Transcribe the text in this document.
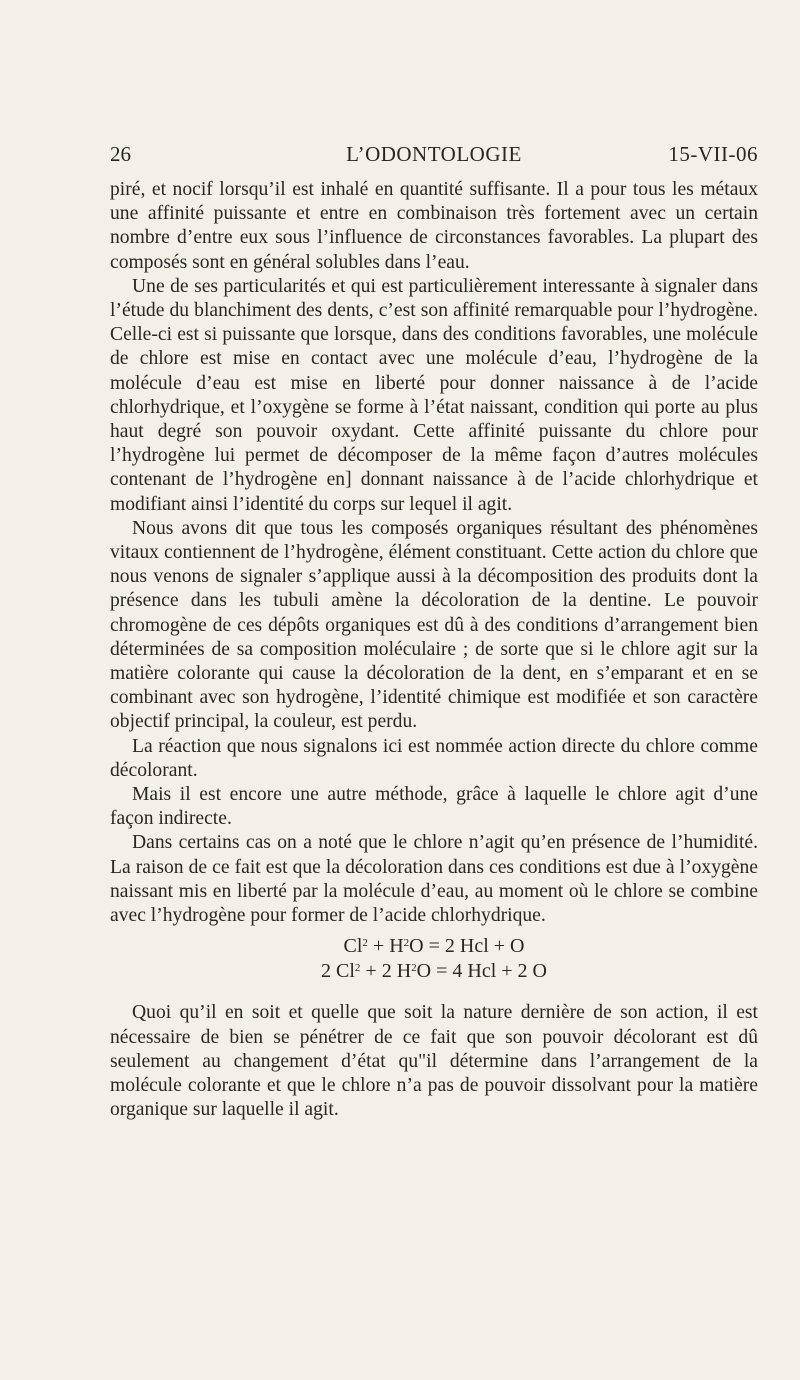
26	L’ODONTOLOGIE	15-VII-06

piré, et nocif lorsqu’il est inhalé en quantité suffisante. Il a pour tous les métaux une affinité puissante et entre en combinaison très fortement avec un certain nombre d’entre eux sous l’influence de circonstances favorables. La plupart des composés sont en général solubles dans l’eau.

Une de ses particularités et qui est particulièrement interessante à signaler dans l’étude du blanchiment des dents, c’est son affinité remarquable pour l’hydrogène. Celle-ci est si puissante que lorsque, dans des conditions favorables, une molécule de chlore est mise en contact avec une molécule d’eau, l’hydrogène de la molécule d’eau est mise en liberté pour donner naissance à de l’acide chlorhydrique, et l’oxygène se forme à l’état naissant, condition qui porte au plus haut degré son pouvoir oxydant. Cette affinité puissante du chlore pour l’hydrogène lui permet de décomposer de la même façon d’autres molécules contenant de l’hydrogène en] donnant naissance à de l’acide chlorhydrique et modifiant ainsi l’identité du corps sur lequel il agit.

Nous avons dit que tous les composés organiques résultant des phénomènes vitaux contiennent de l’hydrogène, élément constituant. Cette action du chlore que nous venons de signaler s’applique aussi à la décomposition des produits dont la présence dans les tubuli amène la décoloration de la dentine. Le pouvoir chromogène de ces dépôts organiques est dû à des conditions d’arrangement bien déterminées de sa composition moléculaire ; de sorte que si le chlore agit sur la matière colorante qui cause la décoloration de la dent, en s’emparant et en se combinant avec son hydrogène, l’identité chimique est modifiée et son caractère objectif principal, la couleur, est perdu.

La réaction que nous signalons ici est nommée action directe du chlore comme décolorant.

Mais il est encore une autre méthode, grâce à laquelle le chlore agit d’une façon indirecte.

Dans certains cas on a noté que le chlore n’agit qu’en présence de l’humidité. La raison de ce fait est que la décoloration dans ces conditions est due à l’oxygène naissant mis en liberté par la molécule d’eau, au moment où le chlore se combine avec l’hydrogène pour former de l’acide chlorhydrique.

$Cl^2 + H^2O = 2$ Hcl + O
2 $Cl^2 + 2$ $H^2O = 4$ Hcl + 2 O

Quoi qu’il en soit et quelle que soit la nature dernière de son action, il est nécessaire de bien se pénétrer de ce fait que son pouvoir décolorant est dû seulement au changement d’état qu"il détermine dans l’arrangement de la molécule colorante et que le chlore n’a pas de pouvoir dissolvant pour la matière organique sur laquelle il agit.
